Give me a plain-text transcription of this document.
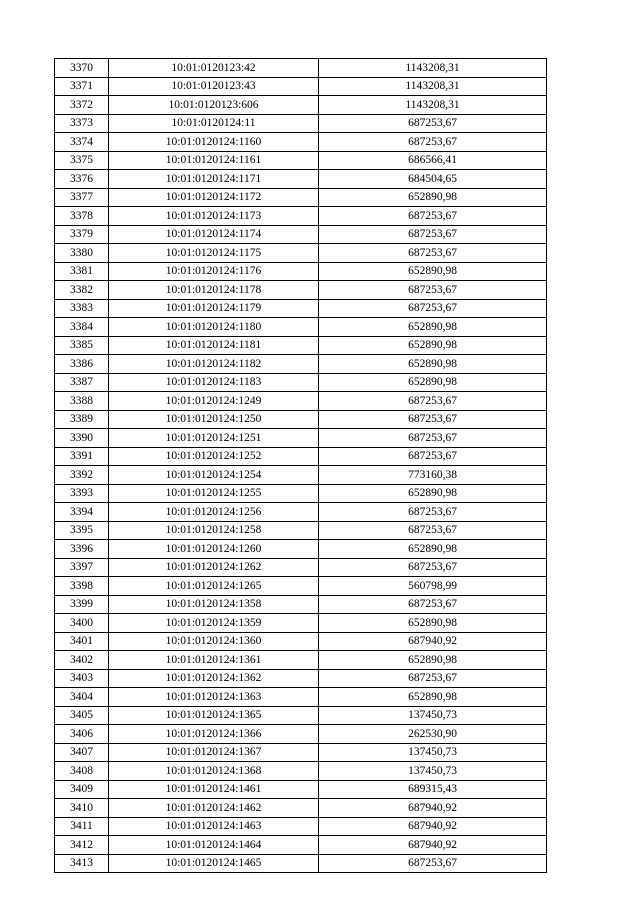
3370	10:01:0120123:42	1143208,31
3371	10:01:0120123:43	1143208,31
3372	10:01:0120123:606	1143208,31
3373	10:01:0120124:11	687253,67
3374	10:01:0120124:1160	687253,67
3375	10:01:0120124:1161	686566,41
3376	10:01:0120124:1171	684504,65
3377	10:01:0120124:1172	652890,98
3378	10:01:0120124:1173	687253,67
3379	10:01:0120124:1174	687253,67
3380	10:01:0120124:1175	687253,67
3381	10:01:0120124:1176	652890,98
3382	10:01:0120124:1178	687253,67
3383	10:01:0120124:1179	687253,67
3384	10:01:0120124:1180	652890,98
3385	10:01:0120124:1181	652890,98
3386	10:01:0120124:1182	652890,98
3387	10:01:0120124:1183	652890,98
3388	10:01:0120124:1249	687253,67
3389	10:01:0120124:1250	687253,67
3390	10:01:0120124:1251	687253,67
3391	10:01:0120124:1252	687253,67
3392	10:01:0120124:1254	773160,38
3393	10:01:0120124:1255	652890,98
3394	10:01:0120124:1256	687253,67
3395	10:01:0120124:1258	687253,67
3396	10:01:0120124:1260	652890,98
3397	10:01:0120124:1262	687253,67
3398	10:01:0120124:1265	560798,99
3399	10:01:0120124:1358	687253,67
3400	10:01:0120124:1359	652890,98
3401	10:01:0120124:1360	687940,92
3402	10:01:0120124:1361	652890,98
3403	10:01:0120124:1362	687253,67
3404	10:01:0120124:1363	652890,98
3405	10:01:0120124:1365	137450,73
3406	10:01:0120124:1366	262530,90
3407	10:01:0120124:1367	137450,73
3408	10:01:0120124:1368	137450,73
3409	10:01:0120124:1461	689315,43
3410	10:01:0120124:1462	687940,92
3411	10:01:0120124:1463	687940,92
3412	10:01:0120124:1464	687940,92
3413	10:01:0120124:1465	687253,67
